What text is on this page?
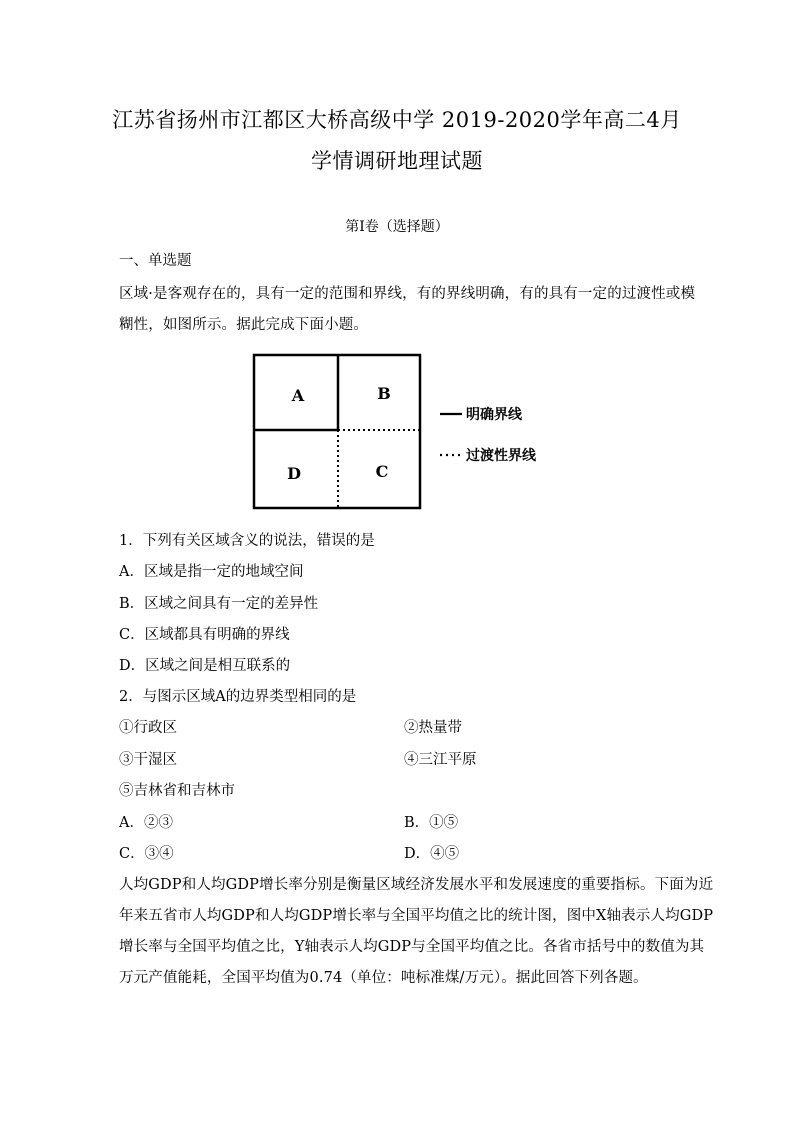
江苏省扬州市江都区大桥高级中学 2019-2020学年高二4月
学情调研地理试题
第Ⅰ卷（选择题）
一、单选题
区域·是客观存在的，具有一定的范围和界线，有的界线明确，有的具有一定的过渡性或模
糊性，如图所示。据此完成下面小题。
A	B
C
D
明确界线
过渡性界线
1．下列有关区域含义的说法，错误的是
A．区域是指一定的地域空间
B．区域之间具有一定的差异性
C．区域都具有明确的界线
D．区域之间是相互联系的
2．与图示区域A的边界类型相同的是
①行政区	②热量带
③干湿区	④三江平原
⑤吉林省和吉林市
A．②③	B．①⑤
C．③④	D．④⑤
人均GDP和人均GDP增长率分别是衡量区域经济发展水平和发展速度的重要指标。下面为近
年来五省市人均GDP和人均GDP增长率与全国平均值之比的统计图，图中X轴表示人均GDP
增长率与全国平均值之比，Y轴表示人均GDP与全国平均值之比。各省市括号中的数值为其
万元产值能耗，全国平均值为0.74（单位：吨标准煤/万元）。据此回答下列各题。
